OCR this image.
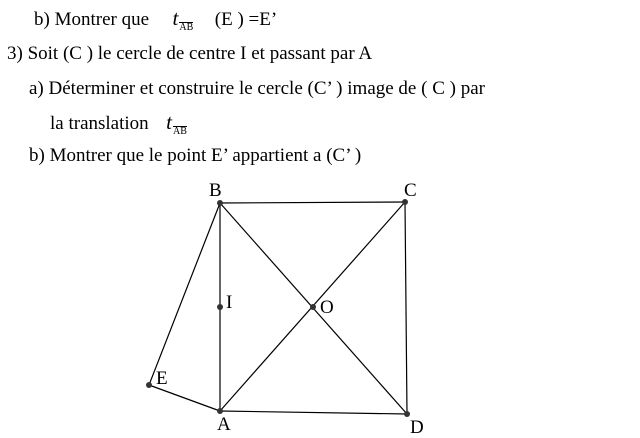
b) Montrer que tAB (E ) =E’
3) Soit (C ) le cercle de centre I et passant par A
a) Déterminer et construire le cercle (C’ ) image de ( C ) par
la translation tAB
b) Montrer que le point E’ appartient a (C’ )
B	C
D
A
E
I	O
